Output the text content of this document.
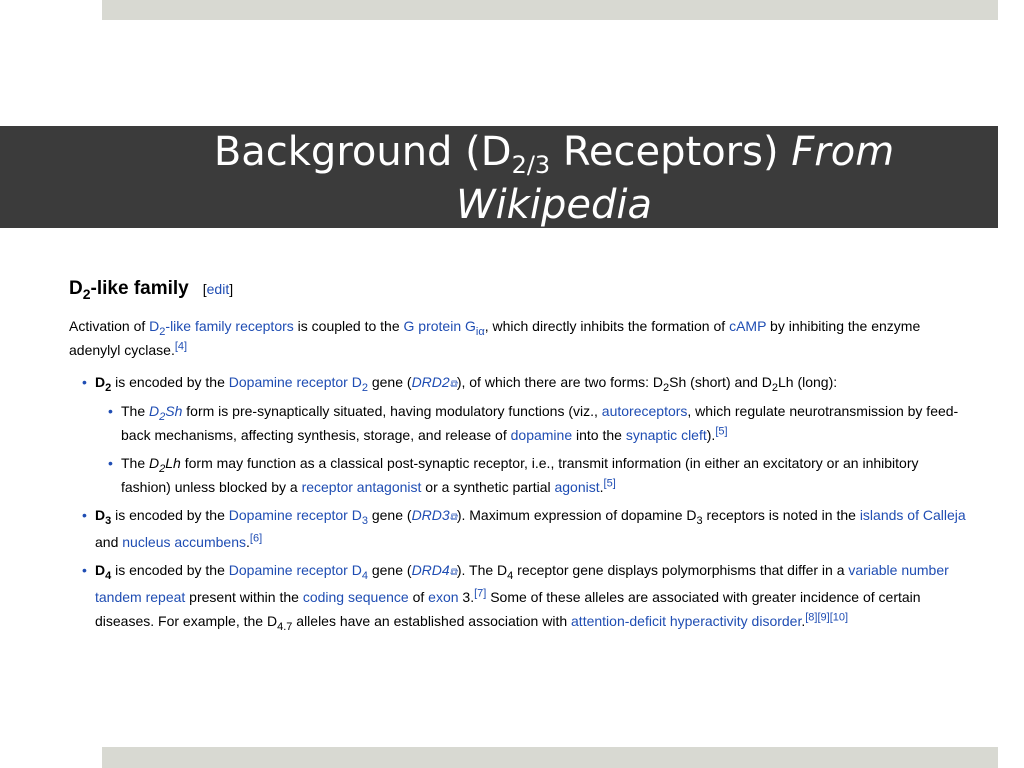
Background ($D_{2/3}$ Receptors) From
Wikipedia
$D_2$-like family [edit]

Activation of $D_2$-like family receptors is coupled to the G protein $G_{i\alpha}$, which directly inhibits the formation of cAMP by inhibiting the enzyme adenylyl cyclase.[4]

• $D_2$ is encoded by the Dopamine receptor $D_2$ gene (DRD2⧉), of which there are two forms: $D_2Sh$ (short) and $D_2Lh$ (long):
• The $D_2Sh$ form is pre-synaptically situated, having modulatory functions (viz., autoreceptors, which regulate neurotransmission by feed-back mechanisms, affecting synthesis, storage, and release of dopamine into the synaptic cleft).[5]
• The $D_2Lh$ form may function as a classical post-synaptic receptor, i.e., transmit information (in either an excitatory or an inhibitory fashion) unless blocked by a receptor antagonist or a synthetic partial agonist.[5]
• $D_3$ is encoded by the Dopamine receptor $D_3$ gene (DRD3⧉). Maximum expression of dopamine $D_3$ receptors is noted in the islands of Calleja and nucleus accumbens.[6]
• $D_4$ is encoded by the Dopamine receptor $D_4$ gene (DRD4⧉). The $D_4$ receptor gene displays polymorphisms that differ in a variable number tandem repeat present within the coding sequence of exon 3.[7] Some of these alleles are associated with greater incidence of certain diseases. For example, the $D_{4.7}$ alleles have an established association with attention-deficit hyperactivity disorder.[8][9][10]
